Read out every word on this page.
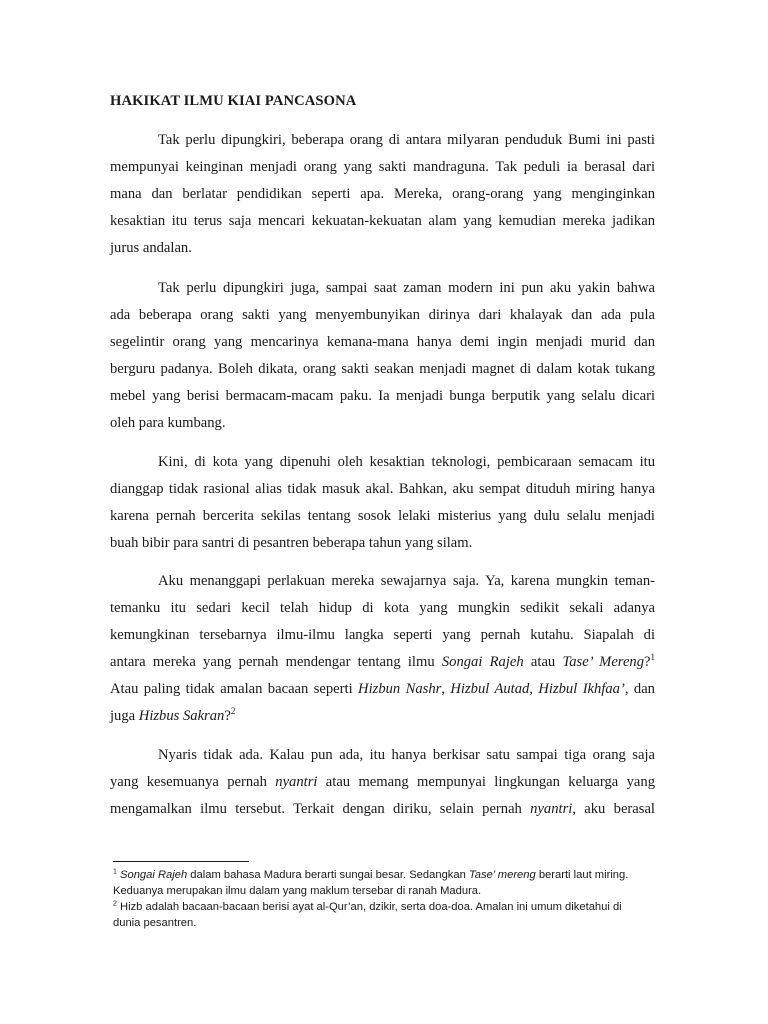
HAKIKAT ILMU KIAI PANCASONA
Tak perlu dipungkiri, beberapa orang di antara milyaran penduduk Bumi ini pasti
mempunyai keinginan menjadi orang yang sakti mandraguna. Tak peduli ia berasal dari
mana dan berlatar pendidikan seperti apa. Mereka, orang-orang yang menginginkan
kesaktian itu terus saja mencari kekuatan-kekuatan alam yang kemudian mereka jadikan
jurus andalan.
Tak perlu dipungkiri juga, sampai saat zaman modern ini pun aku yakin bahwa
ada beberapa orang sakti yang menyembunyikan dirinya dari khalayak dan ada pula
segelintir orang yang mencarinya kemana-mana hanya demi ingin menjadi murid dan
berguru padanya. Boleh dikata, orang sakti seakan menjadi magnet di dalam kotak tukang
mebel yang berisi bermacam-macam paku. Ia menjadi bunga berputik yang selalu dicari
oleh para kumbang.
Kini, di kota yang dipenuhi oleh kesaktian teknologi, pembicaraan semacam itu
dianggap tidak rasional alias tidak masuk akal. Bahkan, aku sempat dituduh miring hanya
karena pernah bercerita sekilas tentang sosok lelaki misterius yang dulu selalu menjadi
buah bibir para santri di pesantren beberapa tahun yang silam.
Aku menanggapi perlakuan mereka sewajarnya saja. Ya, karena mungkin teman-
temanku itu sedari kecil telah hidup di kota yang mungkin sedikit sekali adanya
kemungkinan tersebarnya ilmu-ilmu langka seperti yang pernah kutahu. Siapalah di
antara mereka yang pernah mendengar tentang ilmu Songai Rajeh atau Tase’ Mereng?$^1$
Atau paling tidak amalan bacaan seperti Hizbun Nashr, Hizbul Autad, Hizbul Ikhfaa’, dan
juga Hizbus Sakran?$^2$
Nyaris tidak ada. Kalau pun ada, itu hanya berkisar satu sampai tiga orang saja
yang kesemuanya pernah nyantri atau memang mempunyai lingkungan keluarga yang
mengamalkan ilmu tersebut. Terkait dengan diriku, selain pernah nyantri, aku berasal
$^1$ Songai Rajeh dalam bahasa Madura berarti sungai besar. Sedangkan Tase’ mereng berarti laut miring.
Keduanya merupakan ilmu dalam yang maklum tersebar di ranah Madura.
$^2$ Hizb adalah bacaan-bacaan berisi ayat al-Qur’an, dzikir, serta doa-doa. Amalan ini umum diketahui di
dunia pesantren.
